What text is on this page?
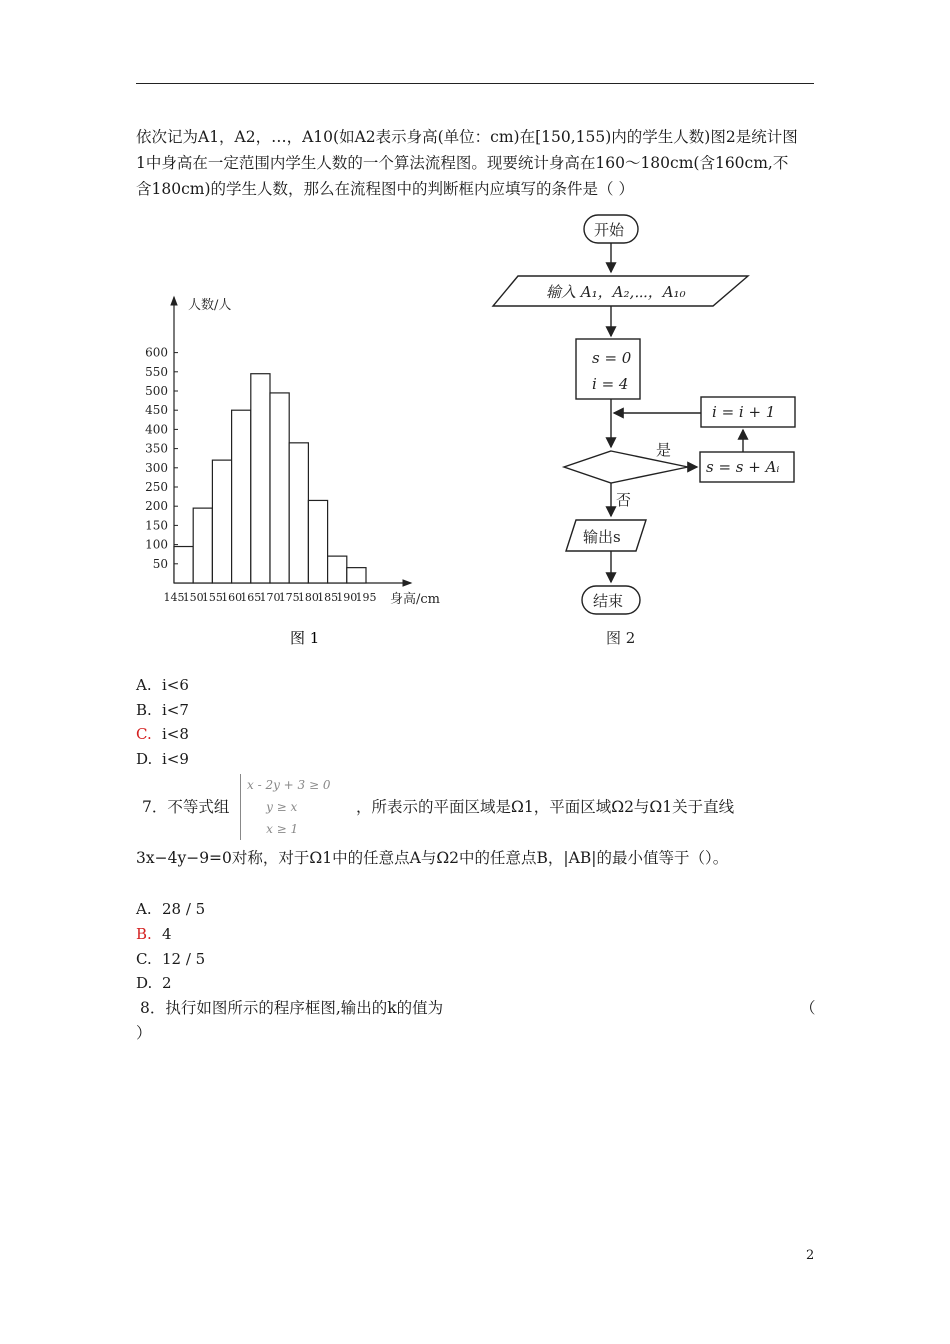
依次记为A1，A2，…，A10(如A2表示身高(单位：cm)在[150,155)内的学生人数)图2是统计图
1中身高在一定范围内学生人数的一个算法流程图。现要统计身高在160～180cm(含160cm,不
含180cm)的学生人数，那么在流程图中的判断框内应填写的条件是（ ）
50
100
150
200
250
300
350
400
450
500
550
600
145
150
155
160
165
170
175
180
185
190
195
人数/人
身高/cm
图 1
开始
输入 A₁，A₂,⋯，A₁₀
s = 0
i = 4
i = i + 1
是
s = s + Aᵢ
否
输出s
结束
图 2
A. i<6
B. i<7
C. i<8
D. i<9
7．不等式组
x - 2y + 3 ≥ 0
y ≥ x
x ≥ 1
，所表示的平面区域是Ω1，平面区域Ω2与Ω1关于直线
3x−4y−9=0对称，对于Ω1中的任意点A与Ω2中的任意点B，|AB|的最小值等于（）。
A. 28 / 5
B. 4
C. 12 / 5
D. 2
8．执行如图所示的程序框图,输出的k的值为	（
）
2
